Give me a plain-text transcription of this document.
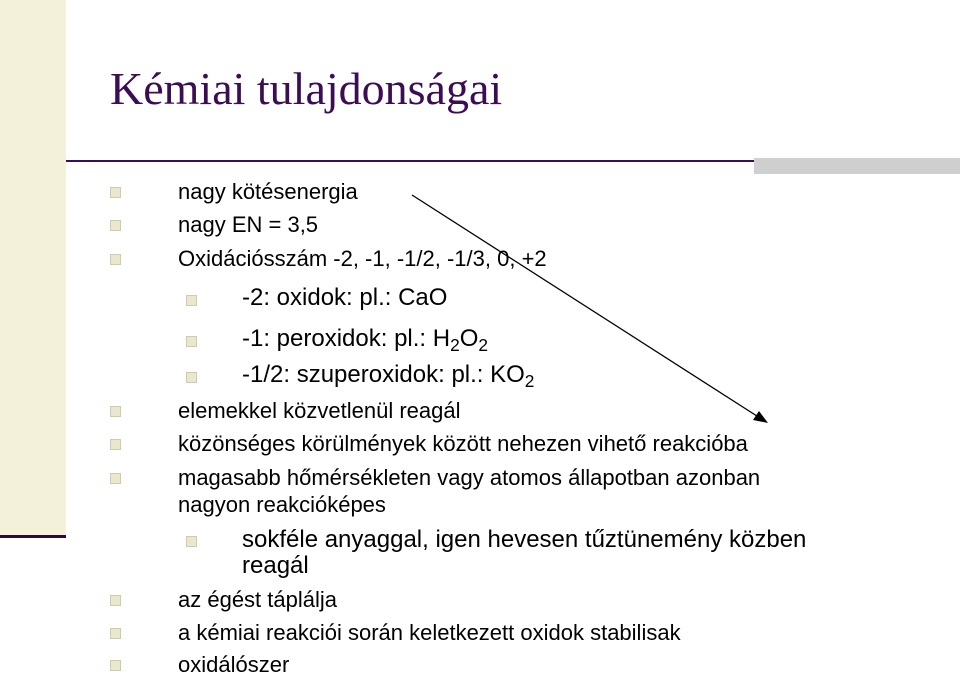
Kémiai tulajdonságai
nagy kötésenergia
nagy EN = 3,5
Oxidációsszám -2, -1, -1/2, -1/3, 0, +2
-2: oxidok: pl.: CaO
-1: peroxidok: pl.: $H_2O_2$
-1/2: szuperoxidok: pl.: $KO_2$
elemekkel közvetlenül reagál
közönséges körülmények között nehezen vihető reakcióba
magasabb hőmérsékleten vagy atomos állapotban azonban
nagyon reakcióképes
sokféle anyaggal, igen hevesen tűztünemény közben
reagál
az égést táplálja
a kémiai reakciói során keletkezett oxidok stabilisak
oxidálószer
